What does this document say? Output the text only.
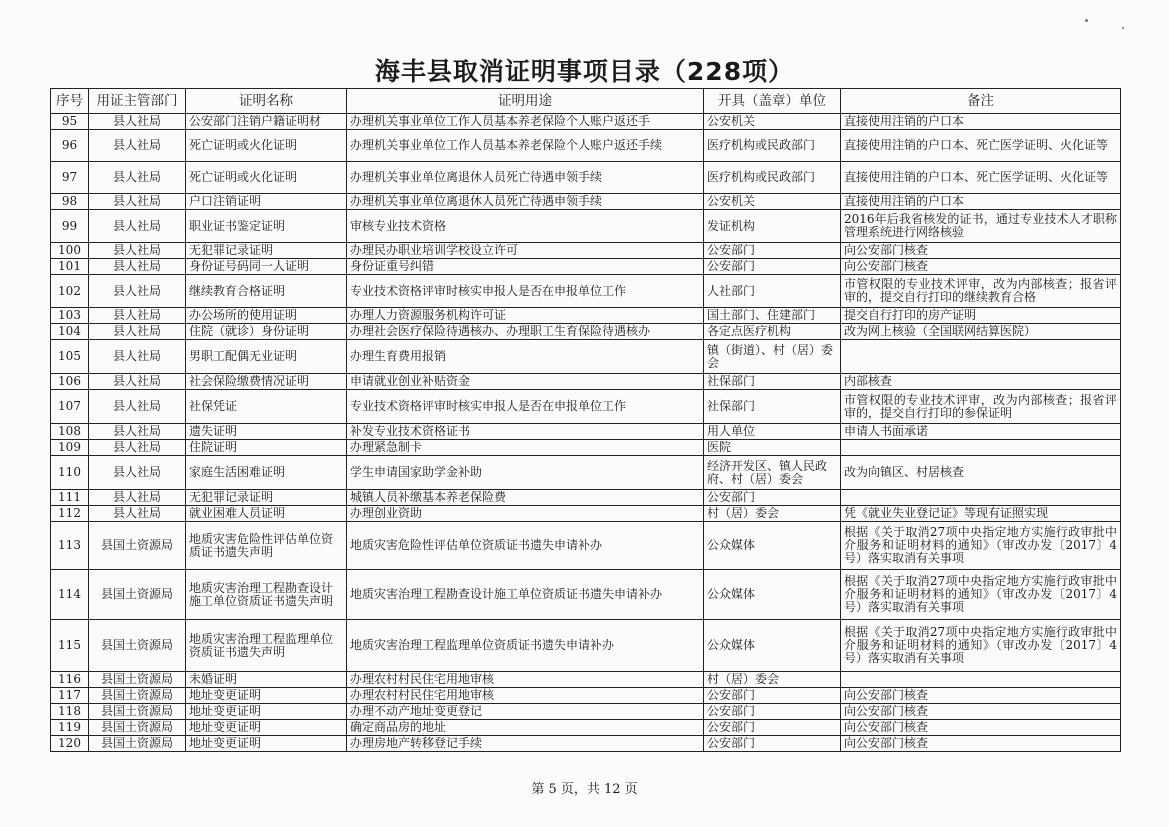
海丰县取消证明事项目录（228项）
序号	用证主管部门	证明名称	证明用途	开具（盖章）单位	备注
95	县人社局	公安部门注销户籍证明材	办理机关事业单位工作人员基本养老保险个人账户返还手	公安机关	直接使用注销的户口本
96	县人社局	死亡证明或火化证明	办理机关事业单位工作人员基本养老保险个人账户返还手续	医疗机构或民政部门	直接使用注销的户口本、死亡医学证明、火化证等
97	县人社局	死亡证明或火化证明	办理机关事业单位离退休人员死亡待遇申领手续	医疗机构或民政部门	直接使用注销的户口本、死亡医学证明、火化证等
98	县人社局	户口注销证明	办理机关事业单位离退休人员死亡待遇申领手续	公安机关	直接使用注销的户口本
99	县人社局	职业证书鉴定证明	审核专业技术资格	发证机构	2016年后我省核发的证书，通过专业技术人才职称管理系统进行网络核验
100	县人社局	无犯罪记录证明	办理民办职业培训学校设立许可	公安部门	向公安部门核查
101	县人社局	身份证号码同一人证明	身份证重号纠错	公安部门	向公安部门核查
102	县人社局	继续教育合格证明	专业技术资格评审时核实申报人是否在申报单位工作	人社部门	市管权限的专业技术评审，改为内部核查；报省评审的，提交自行打印的继续教育合格
103	县人社局	办公场所的使用证明	办理人力资源服务机构许可证	国土部门、住建部门	提交自行打印的房产证明
104	县人社局	住院（就诊）身份证明	办理社会医疗保险待遇核办、办理职工生育保险待遇核办	各定点医疗机构	改为网上核验（全国联网结算医院）
105	县人社局	男职工配偶无业证明	办理生育费用报销	镇（街道）、村（居）委会	
106	县人社局	社会保险缴费情况证明	申请就业创业补贴资金	社保部门	内部核查
107	县人社局	社保凭证	专业技术资格评审时核实申报人是否在申报单位工作	社保部门	市管权限的专业技术评审，改为内部核查；报省评审的，提交自行打印的参保证明
108	县人社局	遗失证明	补发专业技术资格证书	用人单位	申请人书面承诺
109	县人社局	住院证明	办理紧急制卡	医院	
110	县人社局	家庭生活困难证明	学生申请国家助学金补助	经济开发区、镇人民政府、村（居）委会	改为向镇区、村居核查
111	县人社局	无犯罪记录证明	城镇人员补缴基本养老保险费	公安部门	
112	县人社局	就业困难人员证明	办理创业资助	村（居）委会	凭《就业失业登记证》等现有证照实现
113	县国土资源局	地质灾害危险性评估单位资质证书遗失声明	地质灾害危险性评估单位资质证书遗失申请补办	公众媒体	根据《关于取消27项中央指定地方实施行政审批中介服务和证明材料的通知》（审改办发〔2017〕4号）落实取消有关事项
114	县国土资源局	地质灾害治理工程勘查设计施工单位资质证书遗失声明	地质灾害治理工程勘查设计施工单位资质证书遗失申请补办	公众媒体	根据《关于取消27项中央指定地方实施行政审批中介服务和证明材料的通知》（审改办发〔2017〕4号）落实取消有关事项
115	县国土资源局	地质灾害治理工程监理单位资质证书遗失声明	地质灾害治理工程监理单位资质证书遗失申请补办	公众媒体	根据《关于取消27项中央指定地方实施行政审批中介服务和证明材料的通知》（审改办发〔2017〕4号）落实取消有关事项
116	县国土资源局	未婚证明	办理农村村民住宅用地审核	村（居）委会	
117	县国土资源局	地址变更证明	办理农村村民住宅用地审核	公安部门	向公安部门核查
118	县国土资源局	地址变更证明	办理不动产地址变更登记	公安部门	向公安部门核查
119	县国土资源局	地址变更证明	确定商品房的地址	公安部门	向公安部门核查
120	县国土资源局	地址变更证明	办理房地产转移登记手续	公安部门	向公安部门核查
第 5 页，共 12 页
